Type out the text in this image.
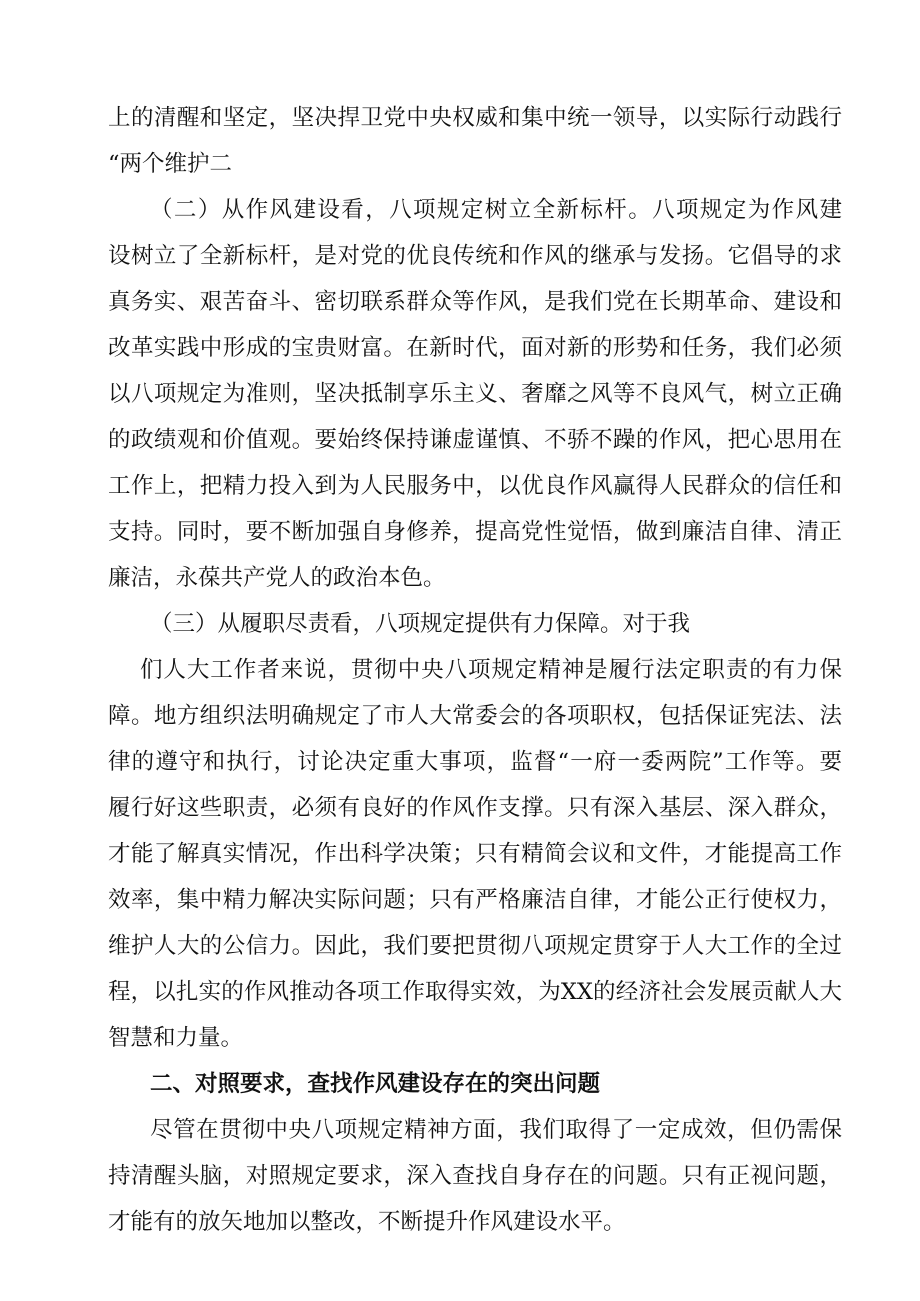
上的清醒和坚定，坚决捍卫党中央权威和集中统一领导，以实际行动践行
“两个维护二
（二）从作风建设看，八项规定树立全新标杆。八项规定为作风建
设树立了全新标杆，是对党的优良传统和作风的继承与发扬。它倡导的求
真务实、艰苦奋斗、密切联系群众等作风，是我们党在长期革命、建设和
改革实践中形成的宝贵财富。在新时代，面对新的形势和任务，我们必须
以八项规定为准则，坚决抵制享乐主义、奢靡之风等不良风气，树立正确
的政绩观和价值观。要始终保持谦虚谨慎、不骄不躁的作风，把心思用在
工作上，把精力投入到为人民服务中，以优良作风赢得人民群众的信任和
支持。同时，要不断加强自身修养，提高党性觉悟，做到廉洁自律、清正
廉洁，永葆共产党人的政治本色。
（三）从履职尽责看，八项规定提供有力保障。对于我
们人大工作者来说，贯彻中央八项规定精神是履行法定职责的有力保
障。地方组织法明确规定了市人大常委会的各项职权，包括保证宪法、法
律的遵守和执行，讨论决定重大事项，监督“一府一委两院”工作等。要
履行好这些职责，必须有良好的作风作支撑。只有深入基层、深入群众，
才能了解真实情况，作出科学决策；只有精简会议和文件，才能提高工作
效率，集中精力解决实际问题；只有严格廉洁自律，才能公正行使权力，
维护人大的公信力。因此，我们要把贯彻八项规定贯穿于人大工作的全过
程，以扎实的作风推动各项工作取得实效，为XX的经济社会发展贡献人大
智慧和力量。
二、对照要求，查找作风建设存在的突出问题
尽管在贯彻中央八项规定精神方面，我们取得了一定成效，但仍需保
持清醒头脑，对照规定要求，深入查找自身存在的问题。只有正视问题，
才能有的放矢地加以整改，不断提升作风建设水平。
